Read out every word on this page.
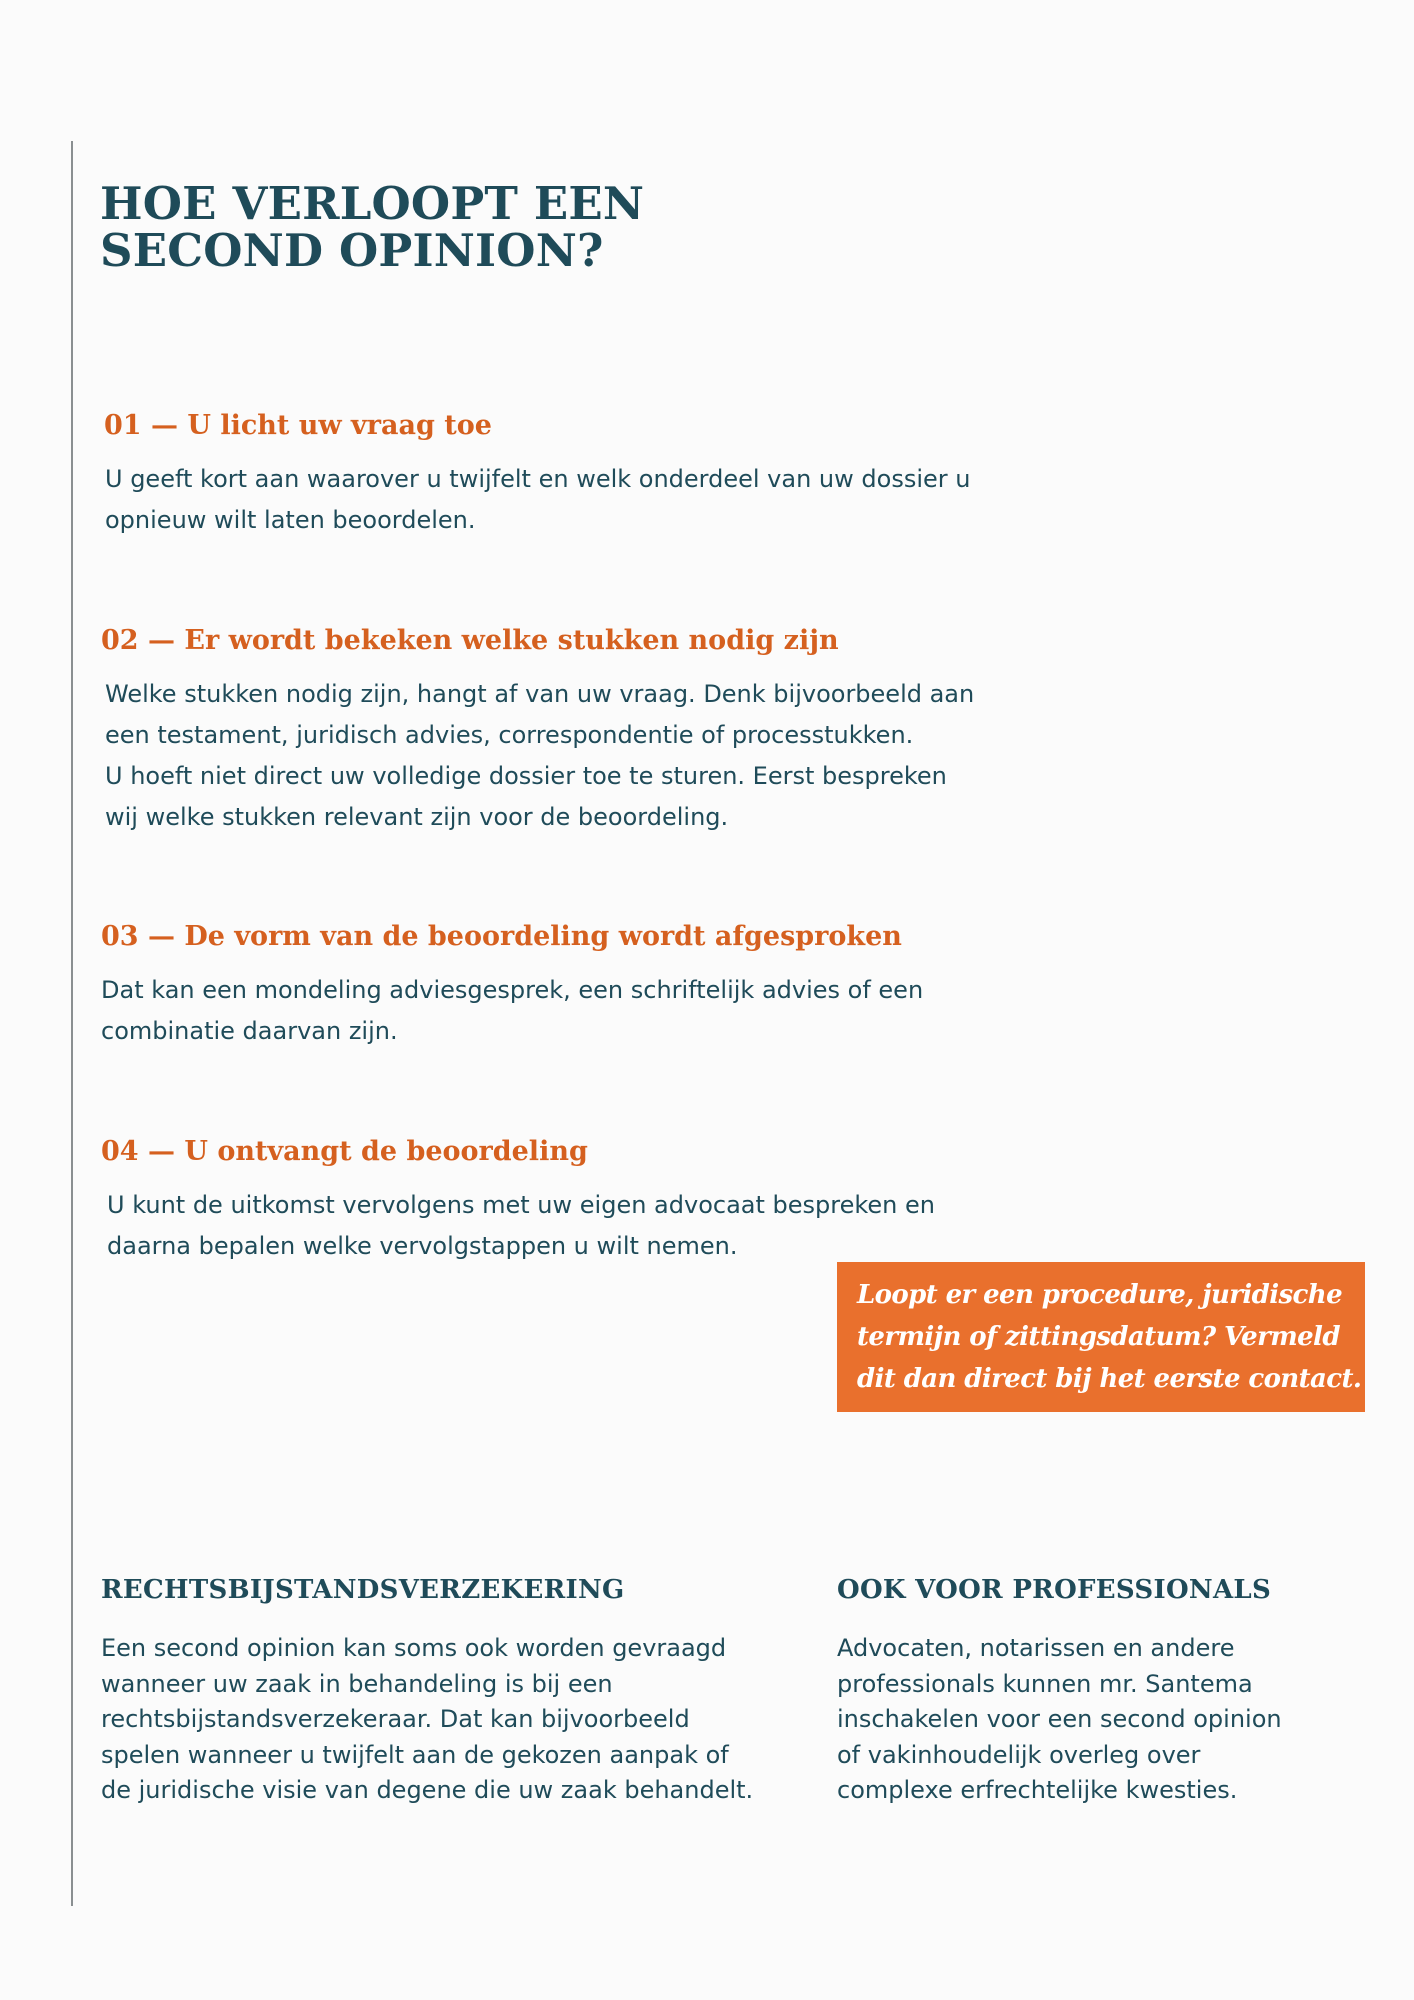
HOE VERLOOPT EEN
SECOND OPINION?
01 — U licht uw vraag toe

U geeft kort aan waarover u twijfelt en welk onderdeel van uw dossier u
opnieuw wilt laten beoordelen.

02 — Er wordt bekeken welke stukken nodig zijn

Welke stukken nodig zijn, hangt af van uw vraag. Denk bijvoorbeeld aan
een testament, juridisch advies, correspondentie of processtukken.
U hoeft niet direct uw volledige dossier toe te sturen. Eerst bespreken
wij welke stukken relevant zijn voor de beoordeling.

03 — De vorm van de beoordeling wordt afgesproken

Dat kan een mondeling adviesgesprek, een schriftelijk advies of een
combinatie daarvan zijn.

04 — U ontvangt de beoordeling

U kunt de uitkomst vervolgens met uw eigen advocaat bespreken en
daarna bepalen welke vervolgstappen u wilt nemen.

Loopt er een procedure, juridische
termijn of zittingsdatum? Vermeld
dit dan direct bij het eerste contact.

RECHTSBIJSTANDSVERZEKERING

Een second opinion kan soms ook worden gevraagd
wanneer uw zaak in behandeling is bij een
rechtsbijstandsverzekeraar. Dat kan bijvoorbeeld
spelen wanneer u twijfelt aan de gekozen aanpak of
de juridische visie van degene die uw zaak behandelt.

OOK VOOR PROFESSIONALS

Advocaten, notarissen en andere
professionals kunnen mr. Santema
inschakelen voor een second opinion
of vakinhoudelijk overleg over
complexe erfrechtelijke kwesties.
